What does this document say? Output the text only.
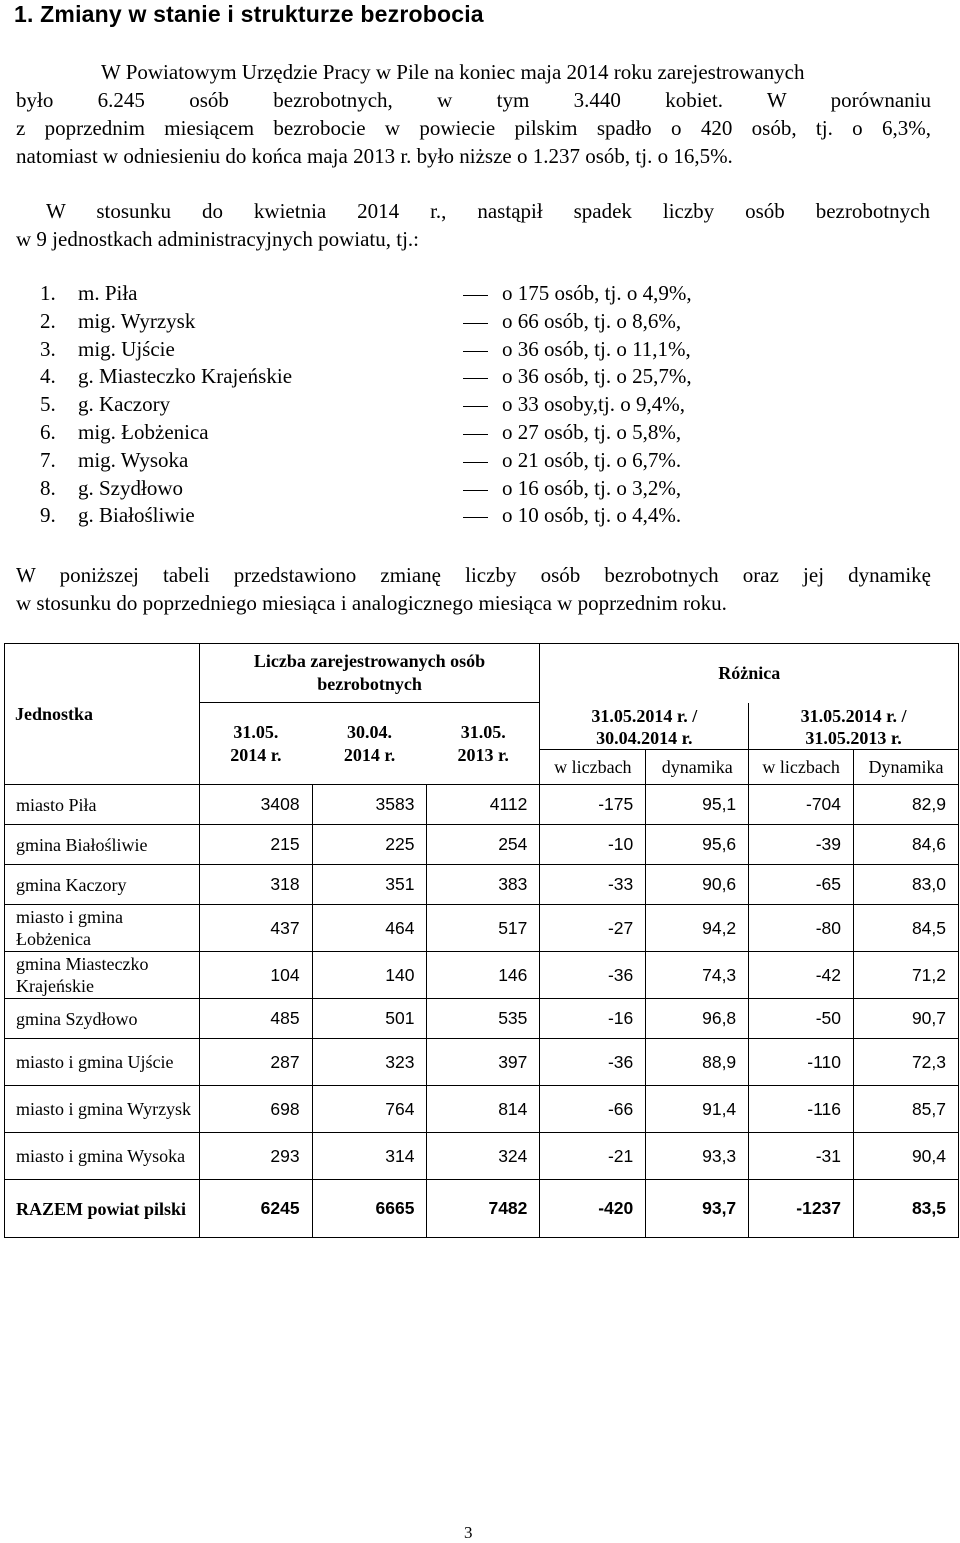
1. Zmiany w stanie i strukturze bezrobocia
W Powiatowym Urzędzie Pracy w Pile na koniec maja 2014 roku zarejestrowanych
było 6.245 osób bezrobotnych, w tym 3.440 kobiet. W porównaniu
z poprzednim miesiącem bezrobocie w powiecie pilskim spadło o 420 osób, tj. o 6,3%,
natomiast w odniesieniu do końca maja 2013 r. było niższe o 1.237 osób, tj. o 16,5%.
W stosunku do kwietnia 2014 r., nastąpił spadek liczby osób bezrobotnych
w 9 jednostkach administracyjnych powiatu, tj.:
1.	m. Piła	o 175 osób, tj. o 4,9%,
2.	mig. Wyrzysk	o 66 osób, tj. o 8,6%,
3.	mig. Ujście	o 36 osób, tj. o 11,1%,
4.	g. Miasteczko Krajeńskie	o 36 osób, tj. o 25,7%,
5.	g. Kaczory	o 33 osoby,tj. o 9,4%,
6.	mig. Łobżenica	o 27 osób, tj. o 5,8%,
7.	mig. Wysoka	o 21 osób, tj. o 6,7%.
8.	g. Szydłowo	o 16 osób, tj. o 3,2%,
9.	g. Białośliwie	o 10 osób, tj. o 4,4%.
W poniższej tabeli przedstawiono zmianę liczby osób bezrobotnych oraz jej dynamikę
w stosunku do poprzedniego miesiąca i analogicznego miesiąca w poprzednim roku.
Jednostka	Liczba zarejestrowanych osób bezrobotnych			Różnica			
	31.05. 2014 r.	30.04. 2014 r.	31.05. 2013 r.	31.05.2014 r. / 30.04.2014 r.		31.05.2014 r. / 31.05.2013 r.	
				w liczbach	dynamika	w liczbach	Dynamika
miasto Piła	3408	3583	4112	-175	95,1	-704	82,9
gmina Białośliwie	215	225	254	-10	95,6	-39	84,6
gmina Kaczory	318	351	383	-33	90,6	-65	83,0
miasto i gmina Łobżenica	437	464	517	-27	94,2	-80	84,5
gmina Miasteczko Krajeńskie	104	140	146	-36	74,3	-42	71,2
gmina Szydłowo	485	501	535	-16	96,8	-50	90,7
miasto i gmina Ujście	287	323	397	-36	88,9	-110	72,3
miasto i gmina Wyrzysk	698	764	814	-66	91,4	-116	85,7
miasto i gmina Wysoka	293	314	324	-21	93,3	-31	90,4
RAZEM powiat pilski	6245	6665	7482	-420	93,7	-1237	83,5
3
